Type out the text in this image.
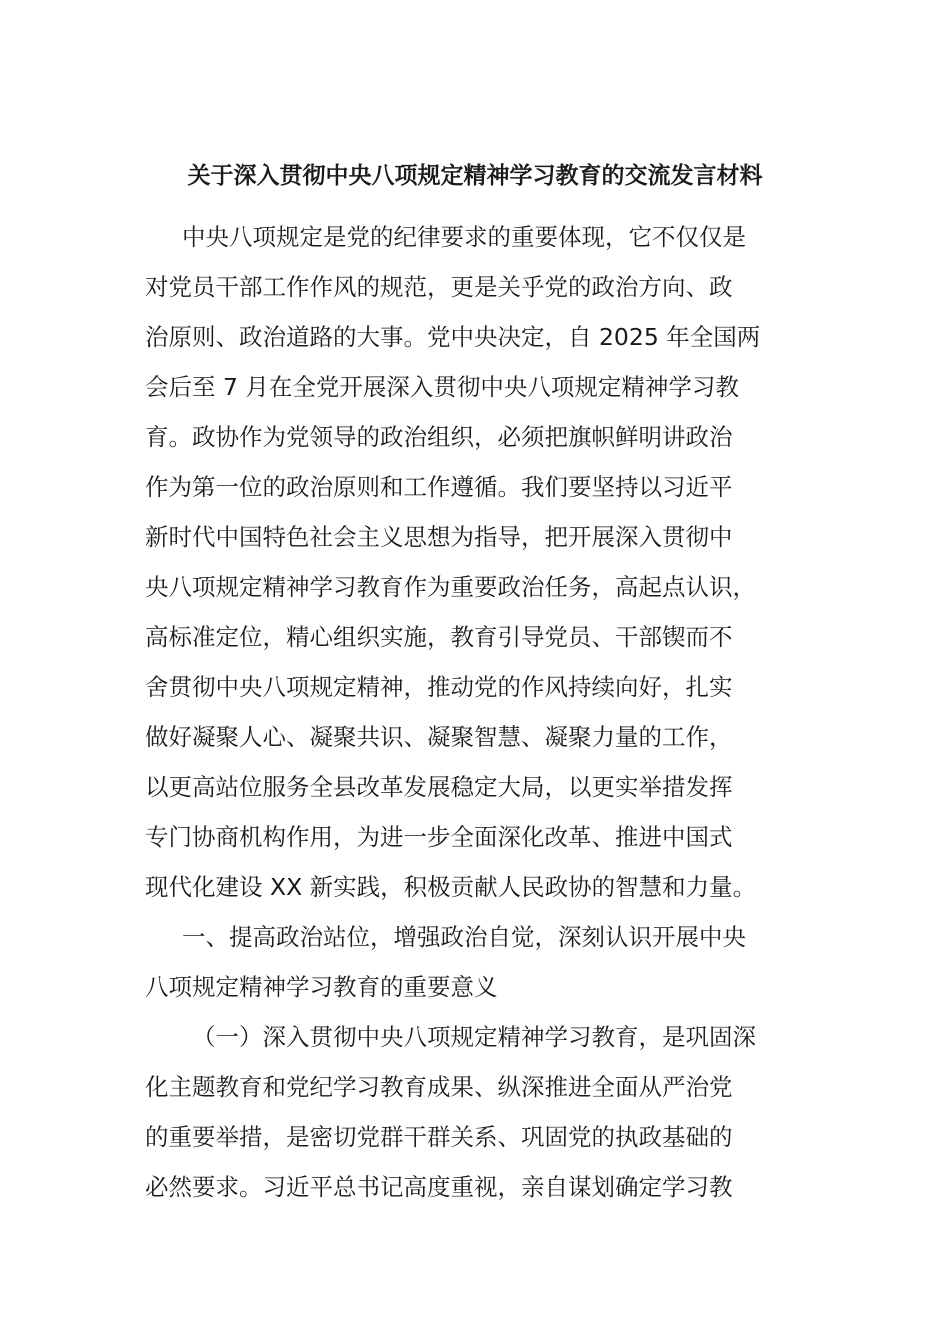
关于深入贯彻中央八项规定精神学习教育的交流发言材料

中央八项规定是党的纪律要求的重要体现，它不仅仅是

对党员干部工作作风的规范，更是关乎党的政治方向、政

治原则、政治道路的大事。党中央决定，自 2025 年全国两

会后至 7 月在全党开展深入贯彻中央八项规定精神学习教

育。政协作为党领导的政治组织，必须把旗帜鲜明讲政治

作为第一位的政治原则和工作遵循。我们要坚持以习近平

新时代中国特色社会主义思想为指导，把开展深入贯彻中

央八项规定精神学习教育作为重要政治任务，高起点认识，

高标准定位，精心组织实施，教育引导党员、干部锲而不

舍贯彻中央八项规定精神，推动党的作风持续向好，扎实

做好凝聚人心、凝聚共识、凝聚智慧、凝聚力量的工作，

以更高站位服务全县改革发展稳定大局，以更实举措发挥

专门协商机构作用，为进一步全面深化改革、推进中国式

现代化建设 XX 新实践，积极贡献人民政协的智慧和力量。

一、提高政治站位，增强政治自觉，深刻认识开展中央

八项规定精神学习教育的重要意义

（一）深入贯彻中央八项规定精神学习教育，是巩固深

化主题教育和党纪学习教育成果、纵深推进全面从严治党

的重要举措，是密切党群干群关系、巩固党的执政基础的

必然要求。习近平总书记高度重视，亲自谋划确定学习教
